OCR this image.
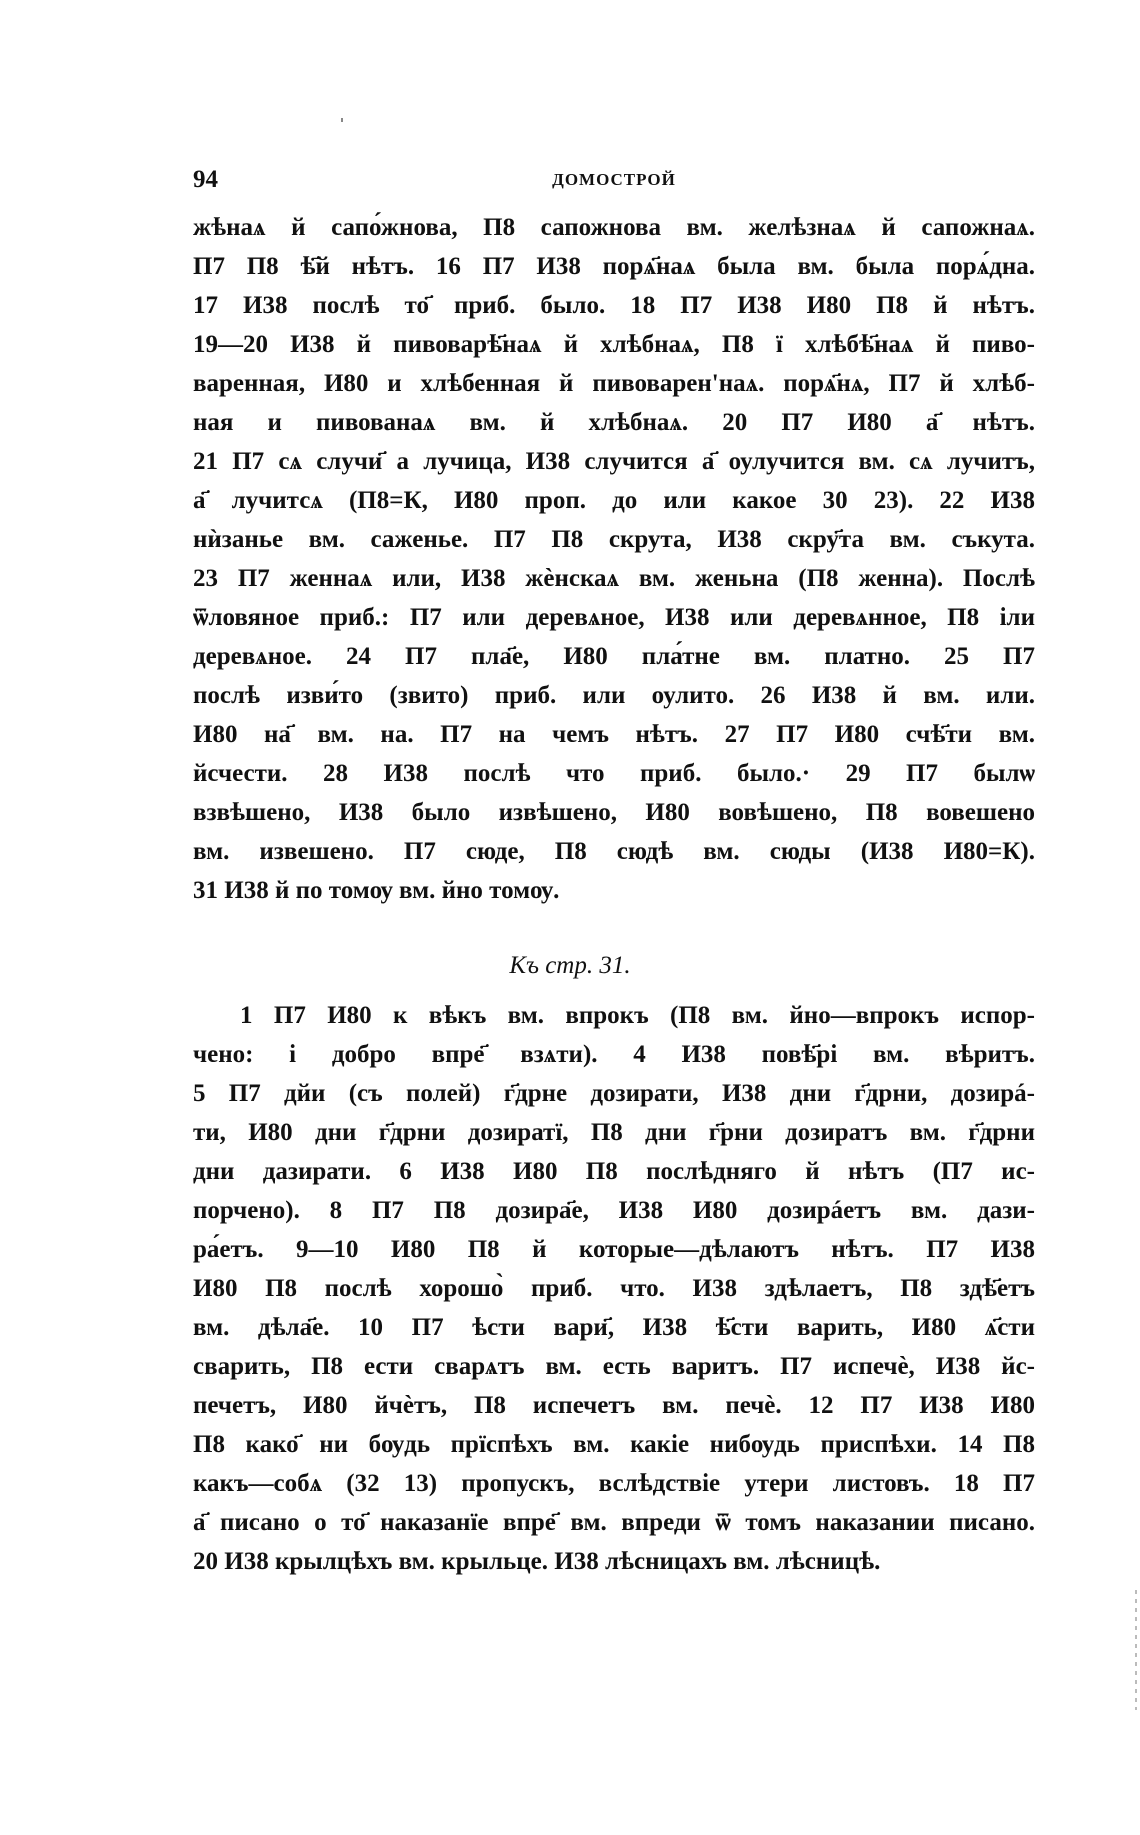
94	ДОМОСТРОЙ
жѣнаѧ й сапо́жнова, П8 сапожнова вм. желѣзнаѧ й сапожнаѧ.
П7 П8 ѣ҃й нѣтъ. 16 П7 И38 порѧ҃наѧ была вм. была порѧ́дна.
17 И38 послѣ то҃ приб. было. 18 П7 И38 И80 П8 й нѣтъ.
19—20 И38 й пивоварѣ҃наѧ й хлѣбнаѧ, П8 ї хлѣбѣ҃наѧ й пиво-
варенная, И80 и хлѣбенная й пивоварен'наѧ. порѧ҃нѧ, П7 й хлѣб-
ная и пивованаѧ вм. й хлѣбнаѧ. 20 П7 И80 а҃ нѣтъ.
21 П7 сѧ случи҃ а лучица, И38 случится а҃ оулучится вм. сѧ лучитъ,
а҃ лучитсѧ (П8=К, И80 проп. до или какое 30 23). 22 И38
нѝзанье вм. саженье. П7 П8 скрута, И38 скру҃та вм. съкута.
23 П7 женнаѧ или, И38 жѐнскаѧ вм. женьна (П8 женна). Послѣ
ѿловяное приб.: П7 или деревѧное, И38 или деревѧнное, П8 іли
деревѧное. 24 П7 пла҃е, И80 пла́тне вм. платно. 25 П7
послѣ изви́то (звито) приб. или оулито. 26 И38 й вм. или.
И80 на҃ вм. на. П7 на чемъ нѣтъ. 27 П7 И80 счѣ҃ти вм.
йсчести. 28 И38 послѣ что приб. было.· 29 П7 былѡ
взвѣшено, И38 было извѣшено, И80 вовѣшено, П8 вовешено
вм. извешено. П7 сюде, П8 сюдѣ вм. сюды (И38 И80=К).
31 И38 й по томѹ вм. йно томѹ.
Къ стр. 31.
1 П7 И80 к вѣкъ вм. впрокъ (П8 вм. йно—впрокъ испор-
чено: і добро впре҃ взѧти). 4 И38 повѣ҃рі вм. вѣритъ.
5 П7 дйи (съ полей) г҃дрне дозирати, И38 дни г҃дрни, дозирá-
ти, И80 дни г҃дрни дозиратї, П8 дни г҃рни дозиратъ вм. г҃дрни
дни дазирати. 6 И38 И80 П8 послѣдняго й нѣтъ (П7 ис-
порчено). 8 П7 П8 дозира҃е, И38 И80 дозирáетъ вм. дази-
ра́етъ. 9—10 И80 П8 й которые—дѣлаютъ нѣтъ. П7 И38
И80 П8 послѣ хорошо̀ приб. что. И38 здѣлаетъ, П8 здѣ҃етъ
вм. дѣла҃е. 10 П7 ѣсти вари҃, И38 ѣ҃сти варить, И80 ѧ҃сти
сварить, П8 ести сварѧтъ вм. есть варитъ. П7 испечѐ, И38 йс-
печетъ, И80 йчѐтъ, П8 испечетъ вм. печѐ. 12 П7 И38 И80
П8 како҃ ни бѹдь прїспѣхъ вм. какіе нибѹдь приспѣхи. 14 П8
какъ—собѧ (32 13) пропускъ, вслѣдствіе утери листовъ. 18 П7
а҃ писано о то҃ наказанїе впре҃ вм. впреди ѿ томъ наказании писано.
20 И38 крылцѣхъ вм. крыльце. И38 лѣсницахъ вм. лѣсницѣ.
